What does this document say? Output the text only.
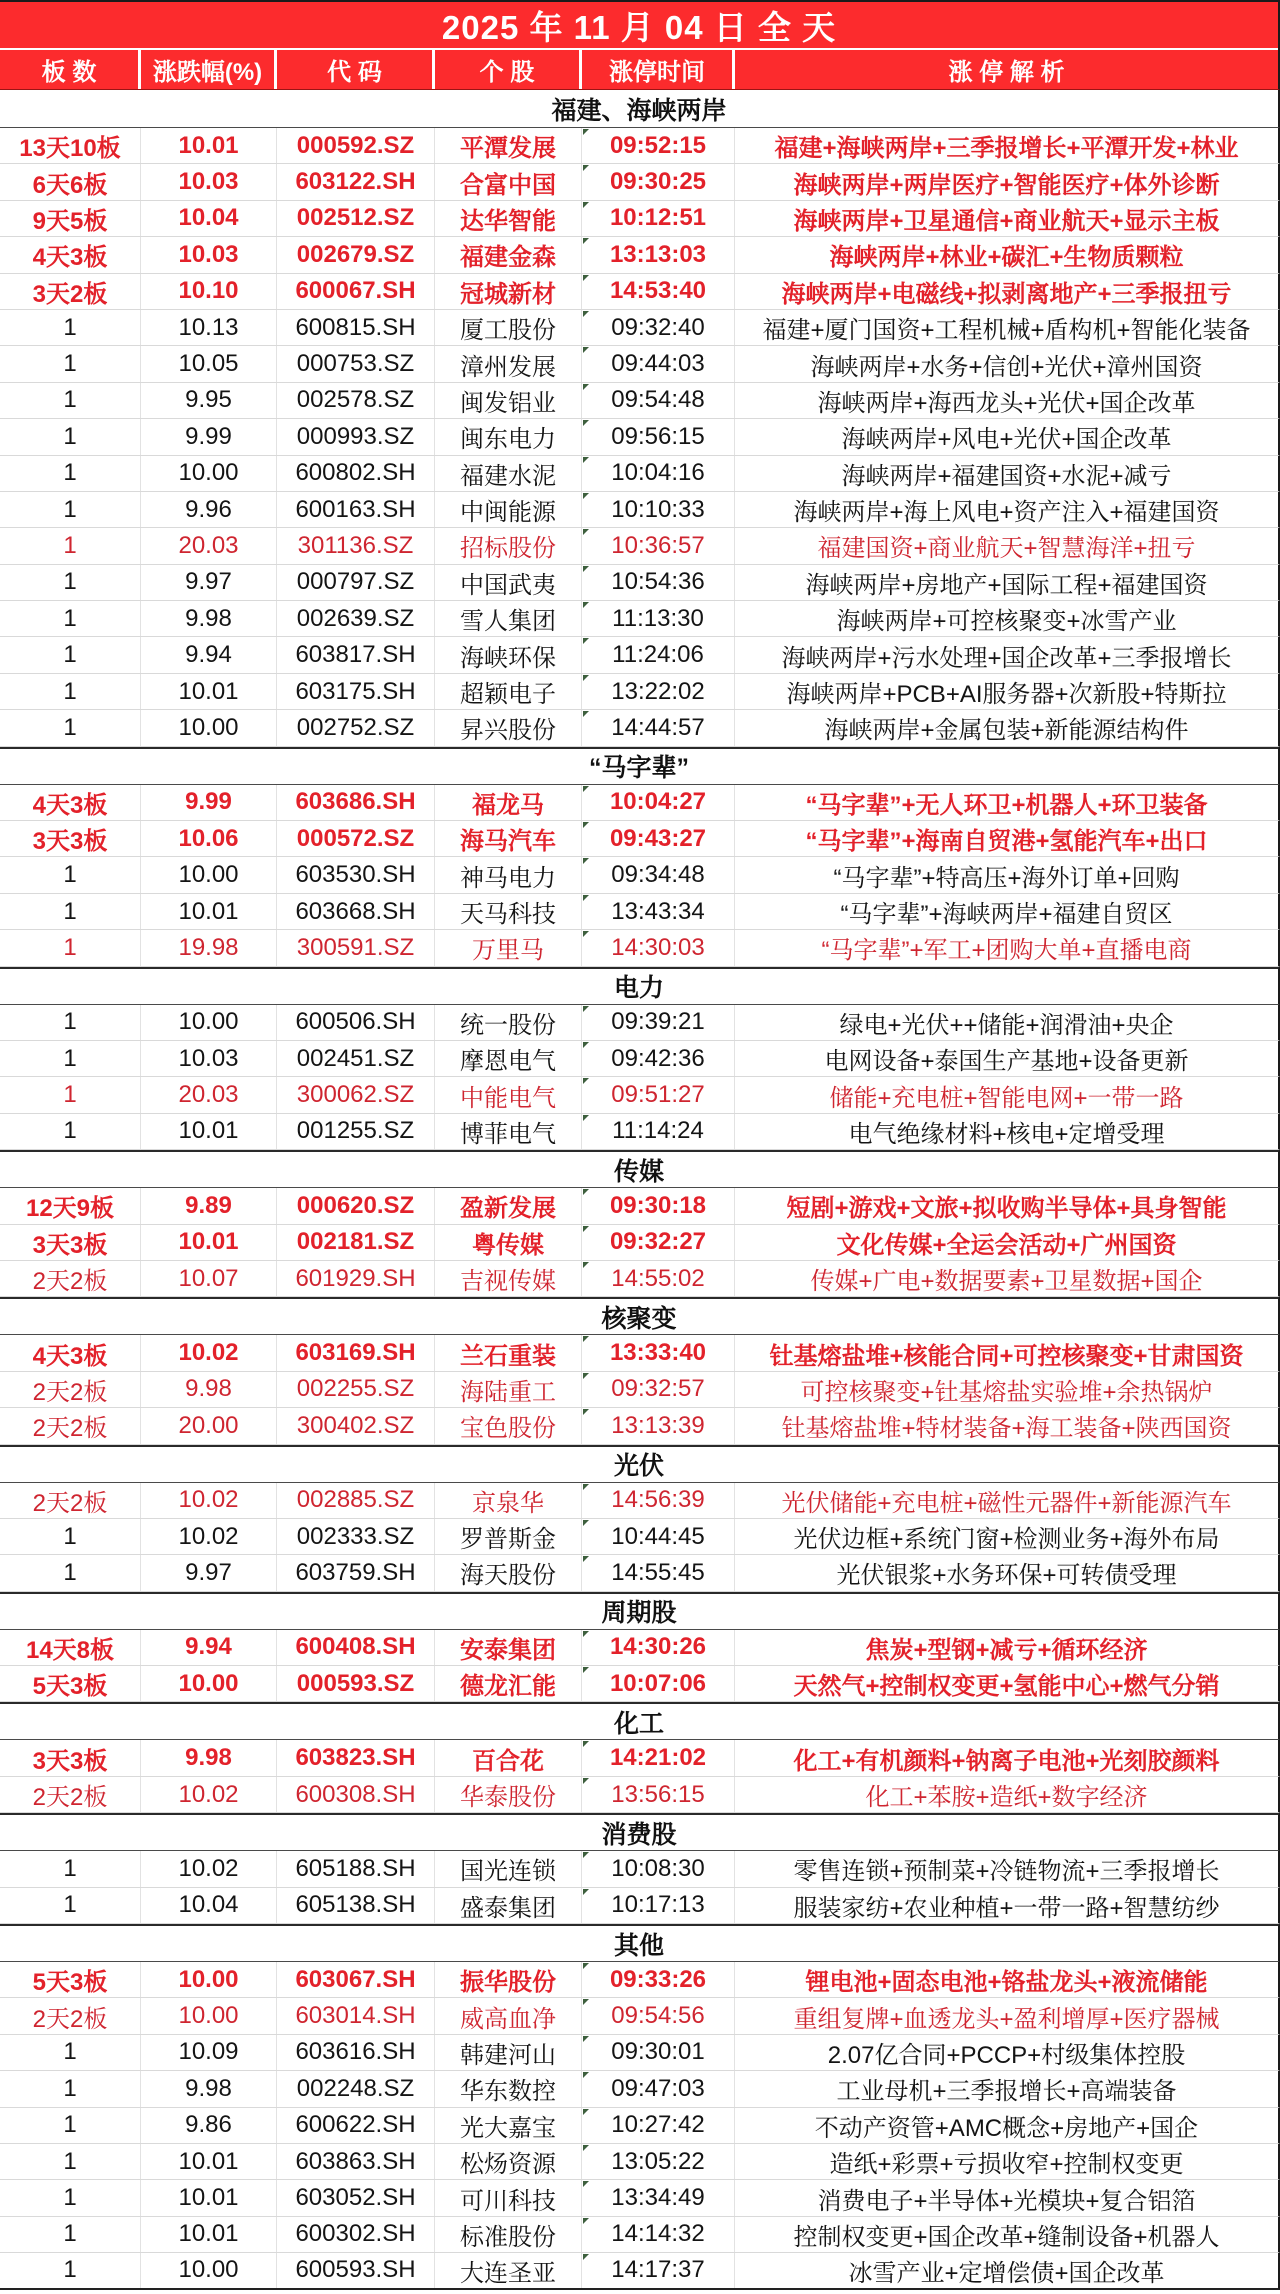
2025 年 11 月 04 日 全 天
板 数	涨跌幅(%)	代 码	个 股	涨停时间	涨 停 解 析
福建、海峡两岸
13天10板	10.01	000592.SZ	平潭发展	09:52:15	福建+海峡两岸+三季报增长+平潭开发+林业
6天6板	10.03	603122.SH	合富中国	09:30:25	海峡两岸+两岸医疗+智能医疗+体外诊断
9天5板	10.04	002512.SZ	达华智能	10:12:51	海峡两岸+卫星通信+商业航天+显示主板
4天3板	10.03	002679.SZ	福建金森	13:13:03	海峡两岸+林业+碳汇+生物质颗粒
3天2板	10.10	600067.SH	冠城新材	14:53:40	海峡两岸+电磁线+拟剥离地产+三季报扭亏
1	10.13	600815.SH	厦工股份	09:32:40	福建+厦门国资+工程机械+盾构机+智能化装备
1	10.05	000753.SZ	漳州发展	09:44:03	海峡两岸+水务+信创+光伏+漳州国资
1	9.95	002578.SZ	闽发铝业	09:54:48	海峡两岸+海西龙头+光伏+国企改革
1	9.99	000993.SZ	闽东电力	09:56:15	海峡两岸+风电+光伏+国企改革
1	10.00	600802.SH	福建水泥	10:04:16	海峡两岸+福建国资+水泥+减亏
1	9.96	600163.SH	中闽能源	10:10:33	海峡两岸+海上风电+资产注入+福建国资
1	20.03	301136.SZ	招标股份	10:36:57	福建国资+商业航天+智慧海洋+扭亏
1	9.97	000797.SZ	中国武夷	10:54:36	海峡两岸+房地产+国际工程+福建国资
1	9.98	002639.SZ	雪人集团	11:13:30	海峡两岸+可控核聚变+冰雪产业
1	9.94	603817.SH	海峡环保	11:24:06	海峡两岸+污水处理+国企改革+三季报增长
1	10.01	603175.SH	超颖电子	13:22:02	海峡两岸+PCB+AI服务器+次新股+特斯拉
1	10.00	002752.SZ	昇兴股份	14:44:57	海峡两岸+金属包装+新能源结构件
“马字辈”
4天3板	9.99	603686.SH	福龙马	10:04:27	“马字辈”+无人环卫+机器人+环卫装备
3天3板	10.06	000572.SZ	海马汽车	09:43:27	“马字辈”+海南自贸港+氢能汽车+出口
1	10.00	603530.SH	神马电力	09:34:48	“马字辈”+特高压+海外订单+回购
1	10.01	603668.SH	天马科技	13:43:34	“马字辈”+海峡两岸+福建自贸区
1	19.98	300591.SZ	万里马	14:30:03	“马字辈”+军工+团购大单+直播电商
电力
1	10.00	600506.SH	统一股份	09:39:21	绿电+光伏++储能+润滑油+央企
1	10.03	002451.SZ	摩恩电气	09:42:36	电网设备+泰国生产基地+设备更新
1	20.03	300062.SZ	中能电气	09:51:27	储能+充电桩+智能电网+一带一路
1	10.01	001255.SZ	博菲电气	11:14:24	电气绝缘材料+核电+定增受理
传媒
12天9板	9.89	000620.SZ	盈新发展	09:30:18	短剧+游戏+文旅+拟收购半导体+具身智能
3天3板	10.01	002181.SZ	粤传媒	09:32:27	文化传媒+全运会活动+广州国资
2天2板	10.07	601929.SH	吉视传媒	14:55:02	传媒+广电+数据要素+卫星数据+国企
核聚变
4天3板	10.02	603169.SH	兰石重装	13:33:40	钍基熔盐堆+核能合同+可控核聚变+甘肃国资
2天2板	9.98	002255.SZ	海陆重工	09:32:57	可控核聚变+钍基熔盐实验堆+余热锅炉
2天2板	20.00	300402.SZ	宝色股份	13:13:39	钍基熔盐堆+特材装备+海工装备+陕西国资
光伏
2天2板	10.02	002885.SZ	京泉华	14:56:39	光伏储能+充电桩+磁性元器件+新能源汽车
1	10.02	002333.SZ	罗普斯金	10:44:45	光伏边框+系统门窗+检测业务+海外布局
1	9.97	603759.SH	海天股份	14:55:45	光伏银浆+水务环保+可转债受理
周期股
14天8板	9.94	600408.SH	安泰集团	14:30:26	焦炭+型钢+减亏+循环经济
5天3板	10.00	000593.SZ	德龙汇能	10:07:06	天然气+控制权变更+氢能中心+燃气分销
化工
3天3板	9.98	603823.SH	百合花	14:21:02	化工+有机颜料+钠离子电池+光刻胶颜料
2天2板	10.02	600308.SH	华泰股份	13:56:15	化工+苯胺+造纸+数字经济
消费股
1	10.02	605188.SH	国光连锁	10:08:30	零售连锁+预制菜+冷链物流+三季报增长
1	10.04	605138.SH	盛泰集团	10:17:13	服装家纺+农业种植+一带一路+智慧纺纱
其他
5天3板	10.00	603067.SH	振华股份	09:33:26	锂电池+固态电池+铬盐龙头+液流储能
2天2板	10.00	603014.SH	威高血净	09:54:56	重组复牌+血透龙头+盈利增厚+医疗器械
1	10.09	603616.SH	韩建河山	09:30:01	2.07亿合同+PCCP+村级集体控股
1	9.98	002248.SZ	华东数控	09:47:03	工业母机+三季报增长+高端装备
1	9.86	600622.SH	光大嘉宝	10:27:42	不动产资管+AMC概念+房地产+国企
1	10.01	603863.SH	松炀资源	13:05:22	造纸+彩票+亏损收窄+控制权变更
1	10.01	603052.SH	可川科技	13:34:49	消费电子+半导体+光模块+复合铝箔
1	10.01	600302.SH	标准股份	14:14:32	控制权变更+国企改革+缝制设备+机器人
1	10.00	600593.SH	大连圣亚	14:17:37	冰雪产业+定增偿债+国企改革
